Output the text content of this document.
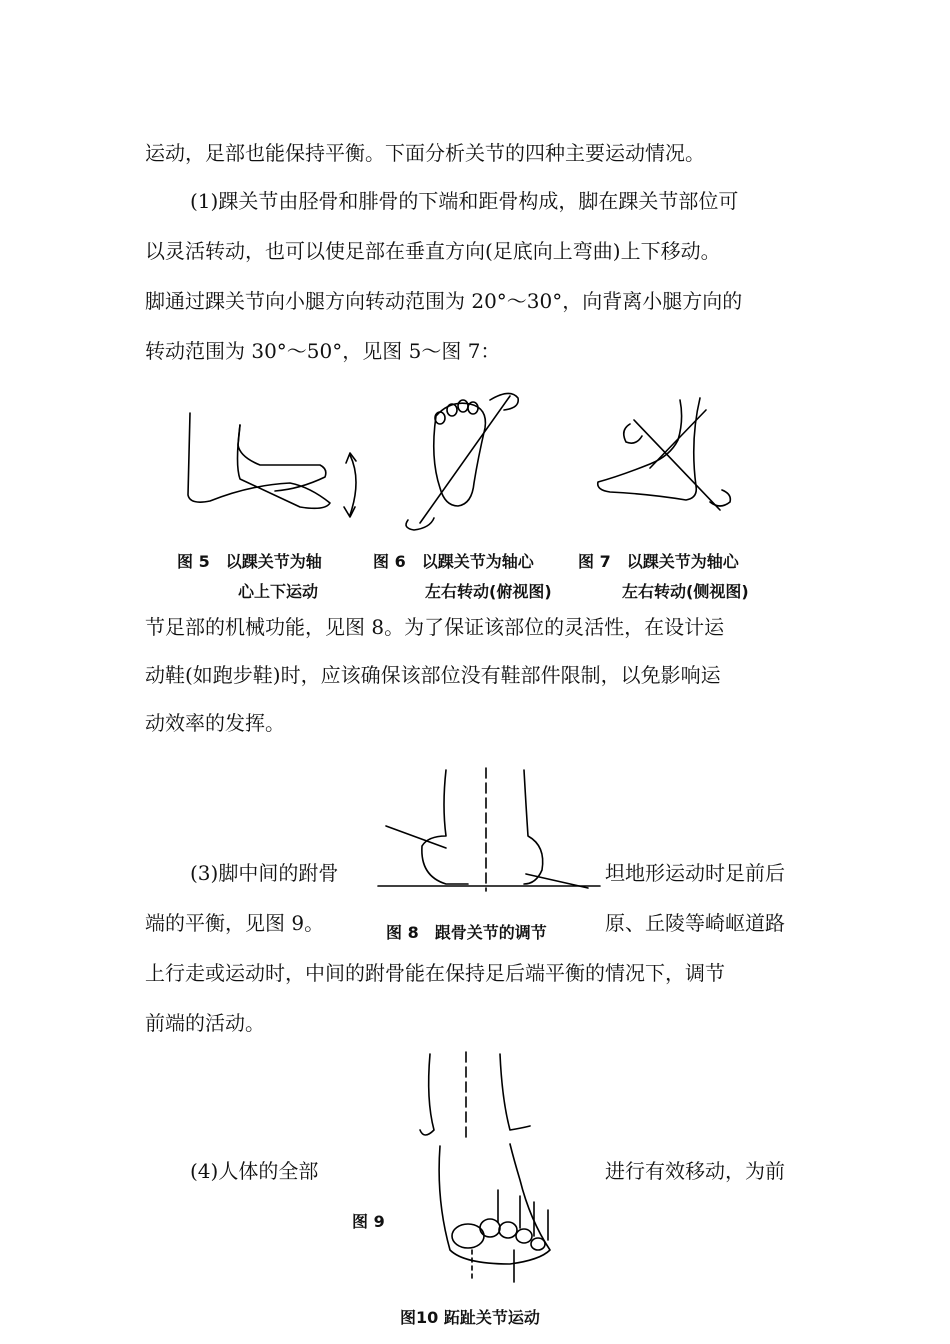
运动，足部也能保持平衡。下面分析关节的四种主要运动情况。

(1)踝关节由胫骨和腓骨的下端和距骨构成，脚在踝关节部位可

以灵活转动，也可以使足部在垂直方向(足底向上弯曲)上下移动。

脚通过踝关节向小腿方向转动范围为 20°～30°，向背离小腿方向的

转动范围为 30°～50°，见图 5～图 7：

图 5　以踝关节为轴

心上下运动

图 6　以踝关节为轴心

左右转动(俯视图)

图 7　以踝关节为轴心

左右转动(侧视图)

节足部的机械功能，见图 8。为了保证该部位的灵活性，在设计运

动鞋(如跑步鞋)时，应该确保该部位没有鞋部件限制，以免影响运

动效率的发挥。

图 8　跟骨关节的调节

(3)脚中间的跗骨	坦地形运动时足前后

端的平衡，见图 9。	原、丘陵等崎岖道路

上行走或运动时，中间的跗骨能在保持足后端平衡的情况下，调节

前端的活动。

(4)人体的全部	进行有效移动，为前

图 9

图10 跖趾关节运动
